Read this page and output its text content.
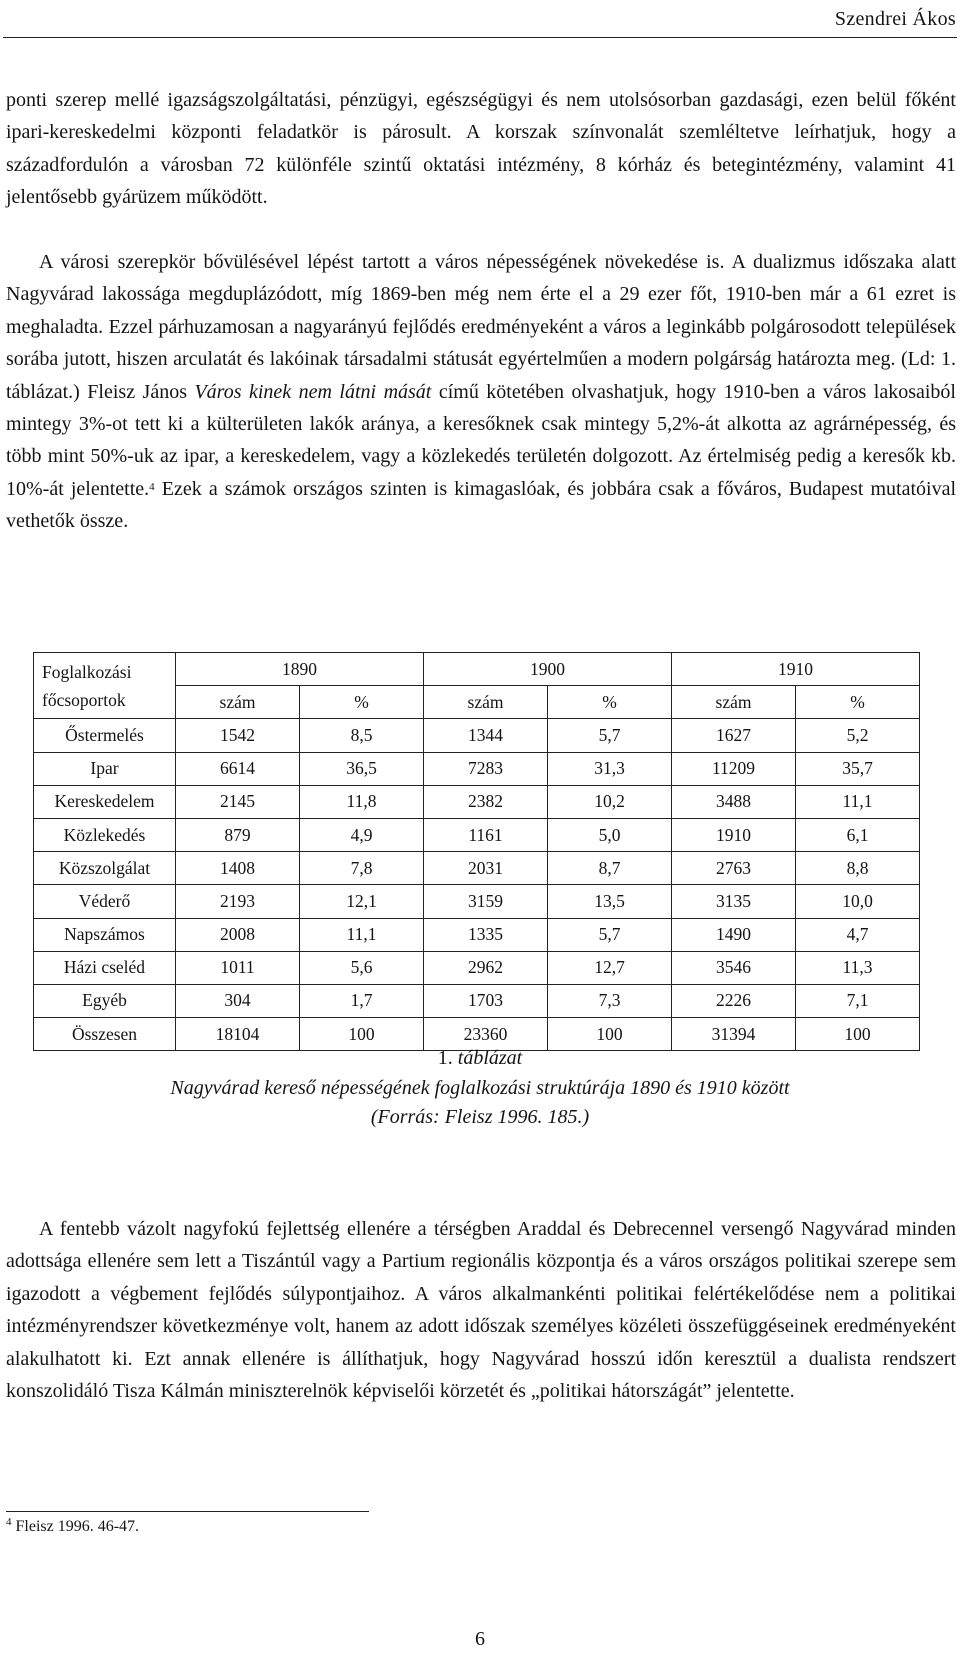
Szendrei Ákos

ponti szerep mellé igazságszolgáltatási, pénzügyi, egészségügyi és nem utolsósorban gazdasági, ezen belül főként ipari-kereskedelmi központi feladatkör is párosult. A korszak színvonalát szemléltetve leírhatjuk, hogy a századfordulón a városban 72 különféle szintű oktatási intézmény, 8 kórház és betegintézmény, valamint 41 jelentősebb gyárüzem működött.

A városi szerepkör bővülésével lépést tartott a város népességének növekedése is. A dualizmus időszaka alatt Nagyvárad lakossága megduplázódott, míg 1869-ben még nem érte el a 29 ezer főt, 1910-ben már a 61 ezret is meghaladta. Ezzel párhuzamosan a nagyarányú fejlődés eredményeként a város a leginkább polgárosodott települések sorába jutott, hiszen arculatát és lakóinak társadalmi státusát egyértelműen a modern polgárság határozta meg. (Ld: 1. táblázat.) Fleisz János Város kinek nem látni mását című kötetében olvashatjuk, hogy 1910-ben a város lakosaiból mintegy 3%-ot tett ki a külterületen lakók aránya, a keresőknek csak mintegy 5,2%-át alkotta az agrárnépesség, és több mint 50%-uk az ipar, a kereskedelem, vagy a közlekedés területén dolgozott. Az értelmiség pedig a keresők kb. 10%-át jelentette.$^4$ Ezek a számok országos szinten is kimagaslóak, és jobbára csak a főváros, Budapest mutatóival vethetők össze.

Foglalkozási főcsoportok	1890		1900		1910	
	szám	%	szám	%	szám	%
Őstermelés	1542	8,5	1344	5,7	1627	5,2
Ipar	6614	36,5	7283	31,3	11209	35,7
Kereskedelem	2145	11,8	2382	10,2	3488	11,1
Közlekedés	879	4,9	1161	5,0	1910	6,1
Közszolgálat	1408	7,8	2031	8,7	2763	8,8
Véderő	2193	12,1	3159	13,5	3135	10,0
Napszámos	2008	11,1	1335	5,7	1490	4,7
Házi cseléd	1011	5,6	2962	12,7	3546	11,3
Egyéb	304	1,7	1703	7,3	2226	7,1
Összesen	18104	100	23360	100	31394	100
1. táblázat
Nagyvárad kereső népességének foglalkozási struktúrája 1890 és 1910 között
(Forrás: Fleisz 1996. 185.)

A fentebb vázolt nagyfokú fejlettség ellenére a térségben Araddal és Debrecennel versengő Nagyvárad minden adottsága ellenére sem lett a Tiszántúl vagy a Partium regionális központja és a város országos politikai szerepe sem igazodott a végbement fejlődés súlypontjaihoz. A város alkalmankénti politikai felértékelődése nem a politikai intézményrendszer következménye volt, hanem az adott időszak személyes közéleti összefüggéseinek eredményeként alakulhatott ki. Ezt annak ellenére is állíthatjuk, hogy Nagyvárad hosszú időn keresztül a dualista rendszert konszolidáló Tisza Kálmán miniszterelnök képviselői körzetét és „politikai hátországát” jelentette.

$^4$ Fleisz 1996. 46-47.
6
